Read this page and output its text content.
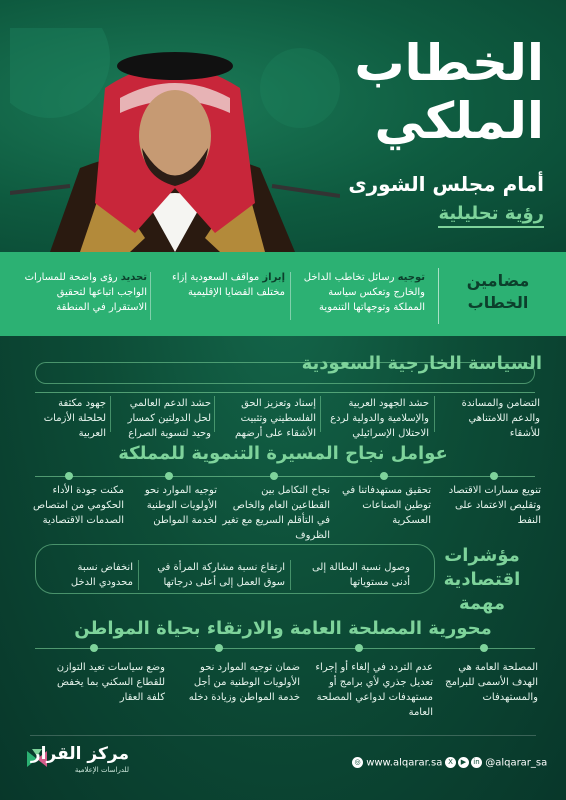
الخطاب
الملكي
أمام مجلس الشورى
رؤية تحليلية
مضامين
الخطاب
توجيه رسائل تخاطب الداخل والخارج وتعكس سياسة المملكة وتوجهاتها التنموية
إبراز مواقف السعودية إزاء مختلف القضايا الإقليمية
تحديد رؤى واضحة للمسارات الواجب اتباعها لتحقيق الاستقرار في المنطقة
السياسة الخارجية السعودية
التضامن والمساندة والدعم اللامتناهي للأشقاء
حشد الجهود العربية والإسلامية والدولية لردع الاحتلال الإسرائيلي
إسناد وتعزيز الحق الفلسطيني وتثبيت الأشقاء على أرضهم
حشد الدعم العالمي لحل الدولتين كمسار وحيد لتسوية الصراع
جهود مكثفة لحلحلة الأزمات العربية
عوامل نجاح المسيرة التنموية للمملكة
تنويع مسارات الاقتصاد وتقليص الاعتماد على النفط
تحقيق مستهدفاتنا في توطين الصناعات العسكرية
نجاح التكامل بين القطاعين العام والخاص في التأقلم السريع مع تغير الظروف
توجيه الموارد نحو الأولويات الوطنية لخدمة المواطن
مكنت جودة الأداء الحكومي من امتصاص الصدمات الاقتصادية
مؤشرات
اقتصادية مهمة
وصول نسبة البطالة إلى أدنى مستوياتها
ارتفاع نسبة مشاركة المرأة في سوق العمل إلى أعلى درجاتها
انخفاض نسبة محدودي الدخل
محورية المصلحة العامة والارتقاء بحياة المواطن
المصلحة العامة هي الهدف الأسمى للبرامج والمستهدفات
عدم التردد في إلغاء أو إجراء تعديل جذري لأي برامج أو مستهدفات لدواعي المصلحة العامة
ضمان توجيه الموارد نحو الأولويات الوطنية من أجل خدمة المواطن وزيادة دخله
وضع سياسات تعيد التوازن للقطاع السكني بما يخفض كلفة العقار
◎ www.alqarar.sa X ▶ in @alqarar_sa
مركز القرار
للدراسات الإعلامية
